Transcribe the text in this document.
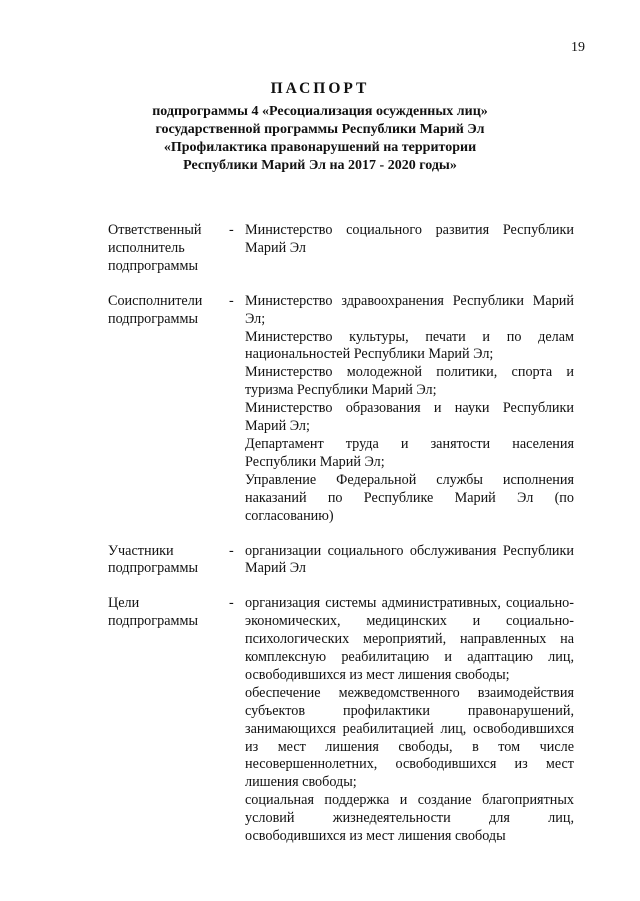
19
ПАСПОРТ
подпрограммы 4 «Ресоциализация осужденных лиц»
государственной программы Республики Марий Эл
«Профилактика правонарушений на территории
Республики Марий Эл на 2017 - 2020 годы»
Ответственный исполнитель подпрограммы
- Министерство социального развития Республики Марий Эл

Соисполнители подпрограммы
- Министерство здравоохранения Республики Марий Эл;

Министерство культуры, печати и по делам национальностей Республики Марий Эл;

Министерство молодежной политики, спорта и туризма Республики Марий Эл;

Министерство образования и науки Республики Марий Эл;

Департамент труда и занятости населения Республики Марий Эл;

Управление Федеральной службы исполнения наказаний по Республике Марий Эл (по согласованию)

Участники подпрограммы
- организации социального обслуживания Республики Марий Эл

Цели подпрограммы
- организация системы административных, социально-экономических, медицинских и социально-психологических мероприятий, направленных на комплексную реабилитацию и адаптацию лиц, освободившихся из мест лишения свободы;

обеспечение межведомственного взаимодействия субъектов профилактики правонарушений, занимающихся реабилитацией лиц, освободившихся из мест лишения свободы, в том числе несовершеннолетних, освободившихся из мест лишения свободы;

социальная поддержка и создание благоприятных условий жизнедеятельности для лиц, освободившихся из мест лишения свободы
